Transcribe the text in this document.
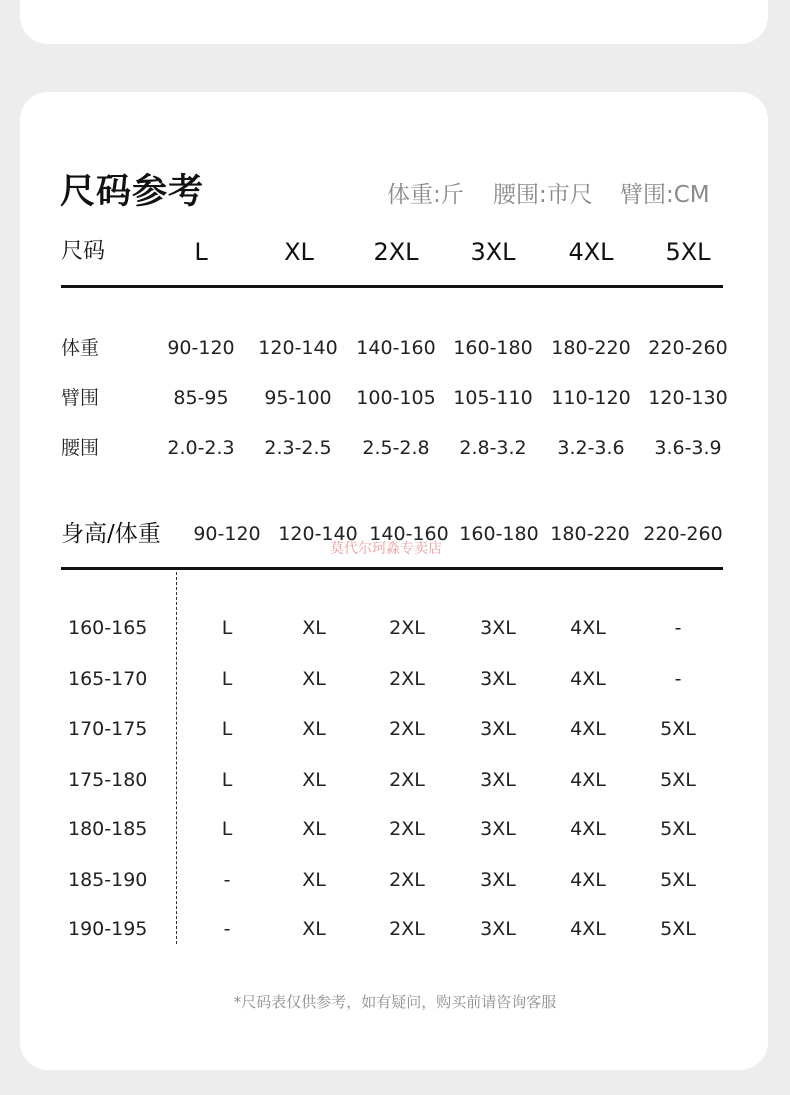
尺码参考	体重:斤 腰围:市尺 臂围:CM
尺码	L	XL 2XL 3XL 4XL 5XL
体重	90-120 120-140 140-160 160-180 180-220 220-260
臂围	85-95 95-100 100-105 105-110 110-120 120-130
腰围	2.0-2.3 2.3-2.5 2.5-2.8 2.8-3.2 3.2-3.6 3.6-3.9
身高/体重 90-120 120-140 140-160 160-180 180-220 220-260
莫代尔珂淼专卖店
160-165	L	XL	2XL	3XL	4XL	-
165-170	L	XL	2XL	3XL	4XL	-
170-175	L	XL	2XL	3XL	4XL	5XL
175-180	L	XL	2XL	3XL	4XL	5XL
180-185	L	XL	2XL	3XL	4XL	5XL
185-190	-	XL	2XL	3XL	4XL	5XL
190-195	-	XL	2XL	3XL	4XL	5XL
*尺码表仅供参考，如有疑问，购买前请咨询客服
